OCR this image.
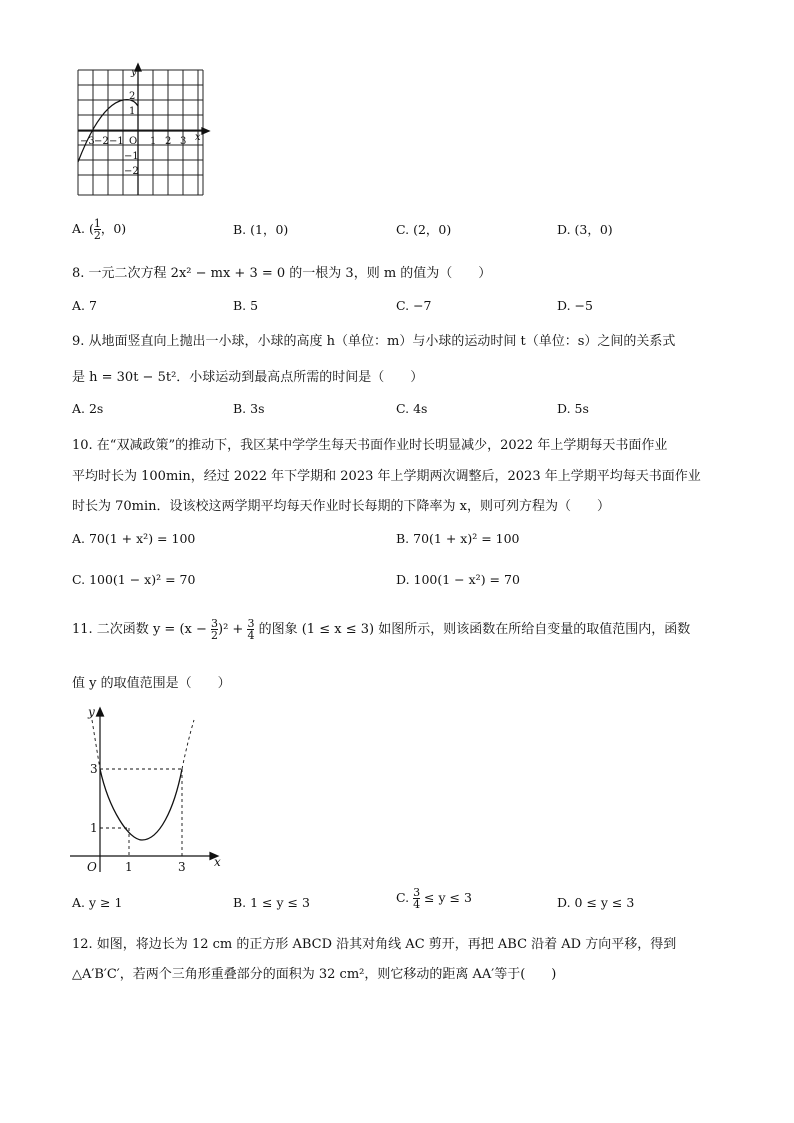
y
x
O
−3 −2 −1	1 2 3
2
1
−1
−2
A. ( $\frac{1}{2}$ ，0)	B. (1，0)	C. (2，0)	D. (3，0)
8. 一元二次方程 2x² − mx + 3 = 0 的一根为 3，则 m 的值为（　　）
A. 7	B. 5	C. −7	D. −5
9. 从地面竖直向上抛出一小球，小球的高度 h（单位：m）与小球的运动时间 t（单位：s）之间的关系式
是 h = 30t − 5t²．小球运动到最高点所需的时间是（　　）
A. 2s	B. 3s	C. 4s	D. 5s
10. 在“双减政策”的推动下，我区某中学学生每天书面作业时长明显减少，2022 年上学期每天书面作业
平均时长为 100min，经过 2022 年下学期和 2023 年上学期两次调整后，2023 年上学期平均每天书面作业
时长为 70min．设该校这两学期平均每天作业时长每期的下降率为 x，则可列方程为（　　）
A. 70(1 + x²) = 100	B. 70(1 + x)² = 100
C. 100(1 − x)² = 70	D. 100(1 − x²) = 70
11. 二次函数 $y = (x - \frac{3}{2} )^2 + \frac{3}{4}$ 的图象 (1 ≤ x ≤ 3) 如图所示，则该函数在所给自变量的取值范围内，函数
值 y 的取值范围是（　　）
y
x
O
3
1
1	3
A. y ≥ 1	B. 1 ≤ y ≤ 3	C. $\frac{3}{4} \le y \le 3$	D. 0 ≤ y ≤ 3
12. 如图，将边长为 12 cm 的正方形 ABCD 沿其对角线 AC 剪开，再把 ABC 沿着 AD 方向平移，得到
△A′B′C′，若两个三角形重叠部分的面积为 32 cm²，则它移动的距离 AA′等于(　　)
